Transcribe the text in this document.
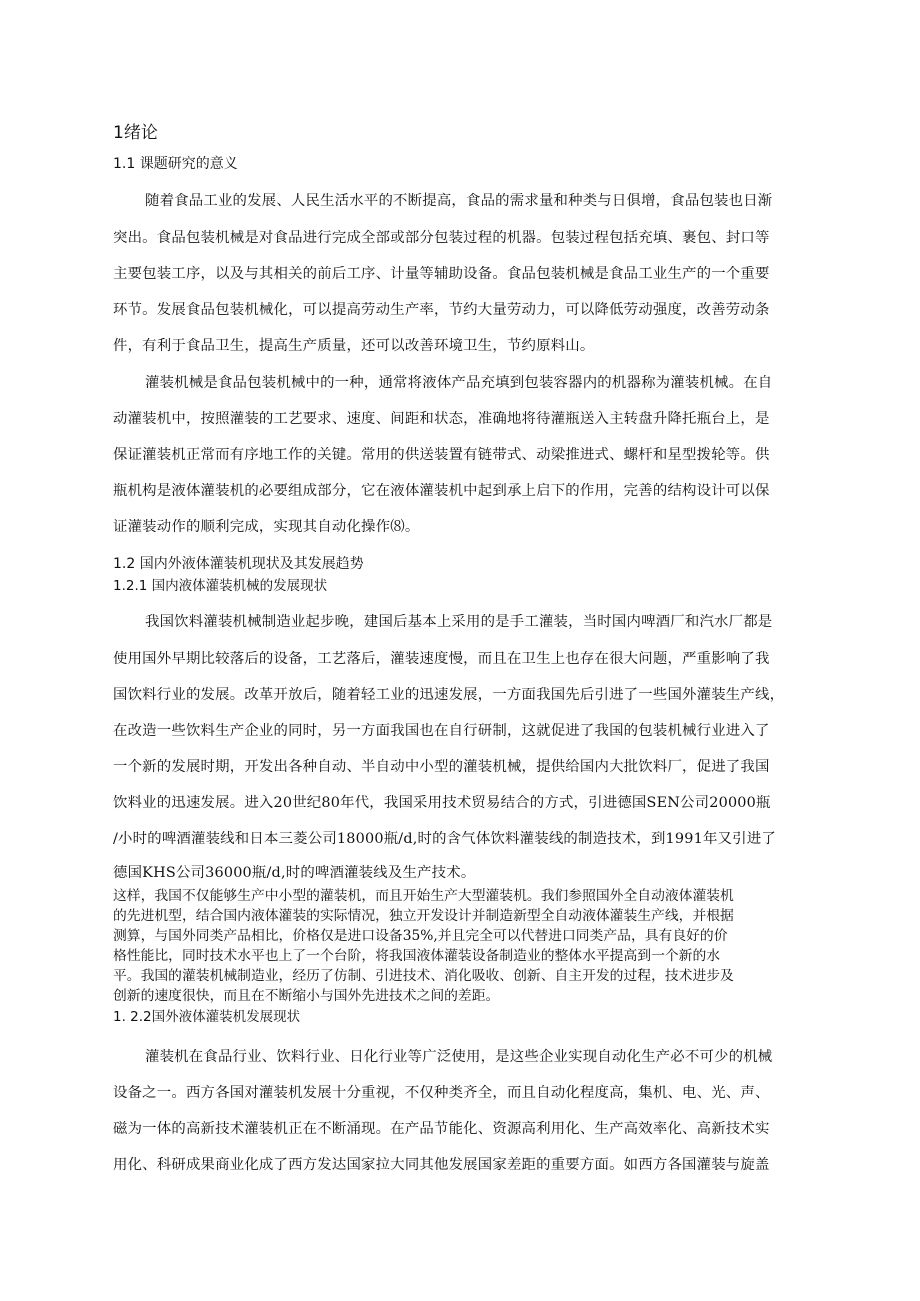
1绪论
1.1 课题研究的意义
随着食品工业的发展、人民生活水平的不断提高，食品的需求量和种类与日俱增，食品包装也日渐
突出。食品包装机械是对食品进行完成全部或部分包装过程的机器。包装过程包括充填、裹包、封口等
主要包装工序，以及与其相关的前后工序、计量等辅助设备。食品包装机械是食品工业生产的一个重要
环节。发展食品包装机械化，可以提高劳动生产率，节约大量劳动力，可以降低劳动强度，改善劳动条
件，有利于食品卫生，提高生产质量，还可以改善环境卫生，节约原料山。
灌装机械是食品包装机械中的一种，通常将液体产品充填到包装容器内的机器称为灌装机械。在自
动灌装机中，按照灌装的工艺要求、速度、间距和状态，准确地将待灌瓶送入主转盘升降托瓶台上，是
保证灌装机正常而有序地工作的关键。常用的供送装置有链带式、动梁推进式、螺杆和星型拨轮等。供
瓶机构是液体灌装机的必要组成部分，它在液体灌装机中起到承上启下的作用，完善的结构设计可以保
证灌装动作的顺利完成，实现其自动化操作⑻。
1.2 国内外液体灌装机现状及其发展趋势
1.2.1 国内液体灌装机械的发展现状
我国饮料灌装机械制造业起步晚，建国后基本上采用的是手工灌装，当时国内啤酒厂和汽水厂都是
使用国外早期比较落后的设备，工艺落后，灌装速度慢，而且在卫生上也存在很大问题，严重影响了我
国饮料行业的发展。改革开放后，随着轻工业的迅速发展，一方面我国先后引进了一些国外灌装生产线，
在改造一些饮料生产企业的同时，另一方面我国也在自行研制，这就促进了我国的包装机械行业进入了
一个新的发展时期，开发出各种自动、半自动中小型的灌装机械，提供给国内大批饮料厂，促进了我国
饮料业的迅速发展。进入20世纪80年代，我国采用技术贸易结合的方式，引进德国SEN公司20000瓶
/小时的啤酒灌装线和日本三菱公司18000瓶/d,时的含气体饮料灌装线的制造技术，到1991年又引进了
德国KHS公司36000瓶/d,时的啤酒灌装线及生产技术。
这样，我国不仅能够生产中小型的灌装机，而且开始生产大型灌装机。我们参照国外全自动液体灌装机
的先进机型，结合国内液体灌装的实际情况，独立开发设计并制造新型全自动液体灌装生产线，并根据
测算，与国外同类产品相比，价格仅是进口设备35%,并且完全可以代替进口同类产品，具有良好的价
格性能比，同时技术水平也上了一个台阶，将我国液体灌装设备制造业的整体水平提高到一个新的水
平。我国的灌装机械制造业，经历了仿制、引进技术、消化吸收、创新、自主开发的过程，技术进步及
创新的速度很快，而且在不断缩小与国外先进技术之间的差距。
1. 2.2国外液体灌装机发展现状
灌装机在食品行业、饮料行业、日化行业等广泛使用，是这些企业实现自动化生产必不可少的机械
设备之一。西方各国对灌装机发展十分重视，不仅种类齐全，而且自动化程度高，集机、电、光、声、
磁为一体的高新技术灌装机正在不断涌现。在产品节能化、资源高利用化、生产高效率化、高新技术实
用化、科研成果商业化成了西方发达国家拉大同其他发展国家差距的重要方面。如西方各国灌装与旋盖
